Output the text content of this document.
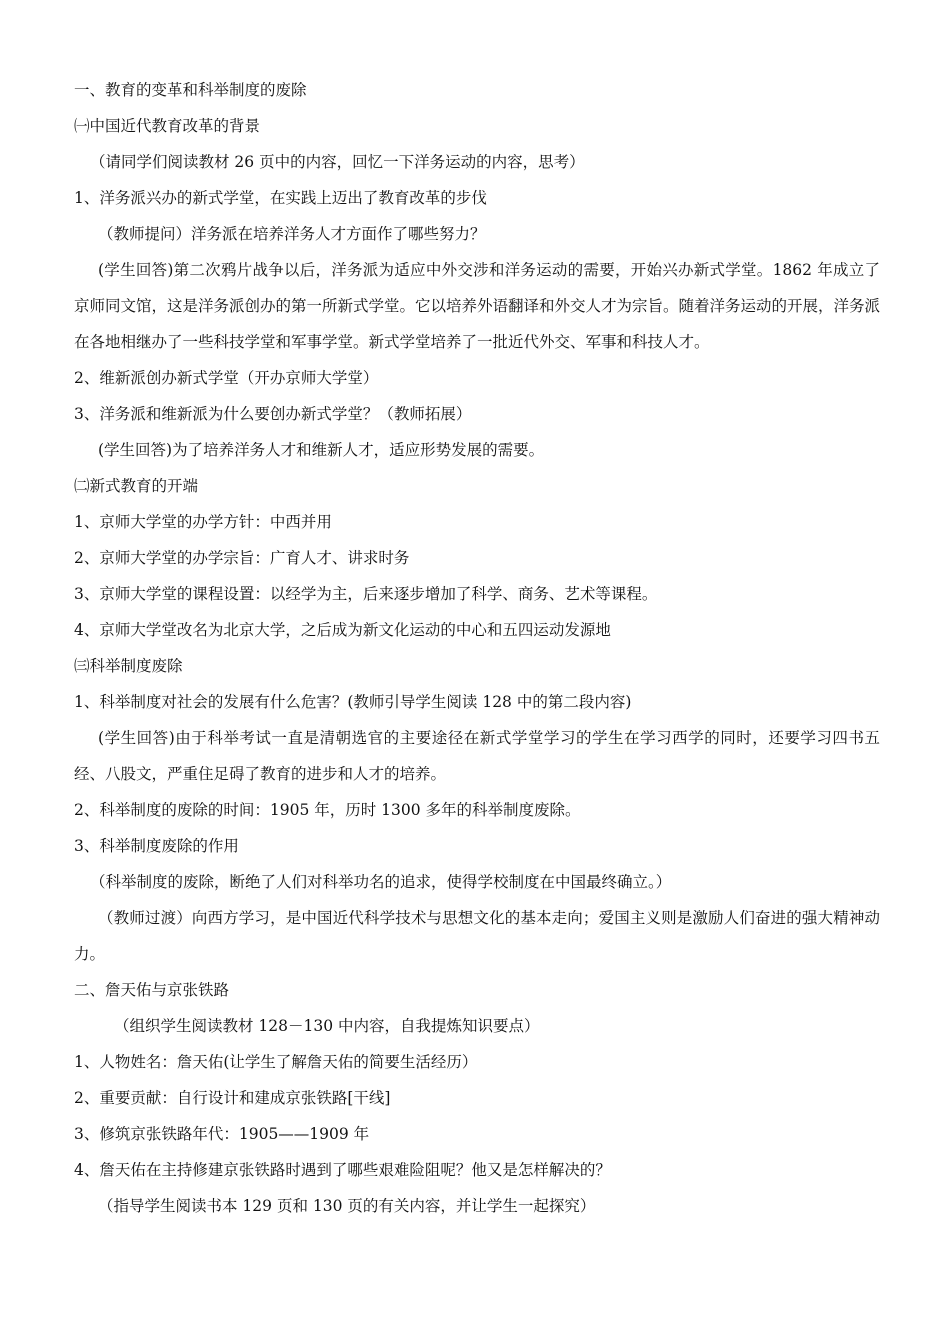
一、教育的变革和科举制度的废除

㈠中国近代教育改革的背景

（请同学们阅读教材 26 页中的内容，回忆一下洋务运动的内容，思考）

1、洋务派兴办的新式学堂，在实践上迈出了教育改革的步伐

（教师提问）洋务派在培养洋务人才方面作了哪些努力？

(学生回答)第二次鸦片战争以后，洋务派为适应中外交涉和洋务运动的需要，开始兴办新式学堂。1862 年成立了京师同文馆，这是洋务派创办的第一所新式学堂。它以培养外语翻译和外交人才为宗旨。随着洋务运动的开展，洋务派在各地相继办了一些科技学堂和军事学堂。新式学堂培养了一批近代外交、军事和科技人才。

2、维新派创办新式学堂（开办京师大学堂）

3、洋务派和维新派为什么要创办新式学堂？（教师拓展）

(学生回答)为了培养洋务人才和维新人才，适应形势发展的需要。

㈡新式教育的开端

1、京师大学堂的办学方针：中西并用

2、京师大学堂的办学宗旨：广育人才、讲求时务

3、京师大学堂的课程设置：以经学为主，后来逐步增加了科学、商务、艺术等课程。

4、京师大学堂改名为北京大学，之后成为新文化运动的中心和五四运动发源地

㈢科举制度废除

1、科举制度对社会的发展有什么危害？(教师引导学生阅读 128 中的第二段内容)

(学生回答)由于科举考试一直是清朝选官的主要途径在新式学堂学习的学生在学习西学的同时，还要学习四书五经、八股文，严重住足碍了教育的进步和人才的培养。

2、科举制度的废除的时间：1905 年，历时 1300 多年的科举制度废除。

3、科举制度废除的作用

（科举制度的废除，断绝了人们对科举功名的追求，使得学校制度在中国最终确立。）

（教师过渡）向西方学习，是中国近代科学技术与思想文化的基本走向；爱国主义则是激励人们奋进的强大精神动力。

二、詹天佑与京张铁路

（组织学生阅读教材 128－130 中内容，自我提炼知识要点）

1、人物姓名：詹天佑(让学生了解詹天佑的简要生活经历）

2、重要贡献：自行设计和建成京张铁路[干线]

3、修筑京张铁路年代：1905——1909 年

4、詹天佑在主持修建京张铁路时遇到了哪些艰难险阻呢？他又是怎样解决的？

（指导学生阅读书本 129 页和 130 页的有关内容，并让学生一起探究）
